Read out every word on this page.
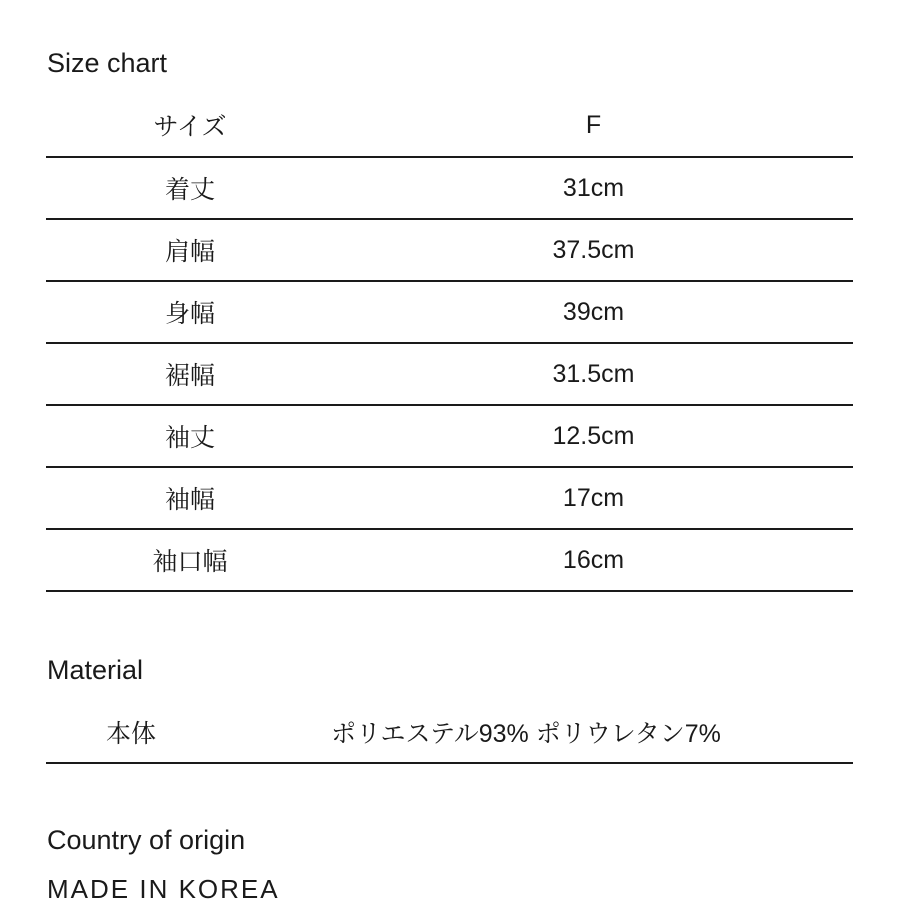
Size chart
サイズ	F
着丈	31cm
肩幅	37.5cm
身幅	39cm
裾幅	31.5cm
袖丈	12.5cm
袖幅	17cm
袖口幅	16cm
Material
本体	ポリエステル93% ポリウレタン7%
Country of origin
MADE IN KOREA
